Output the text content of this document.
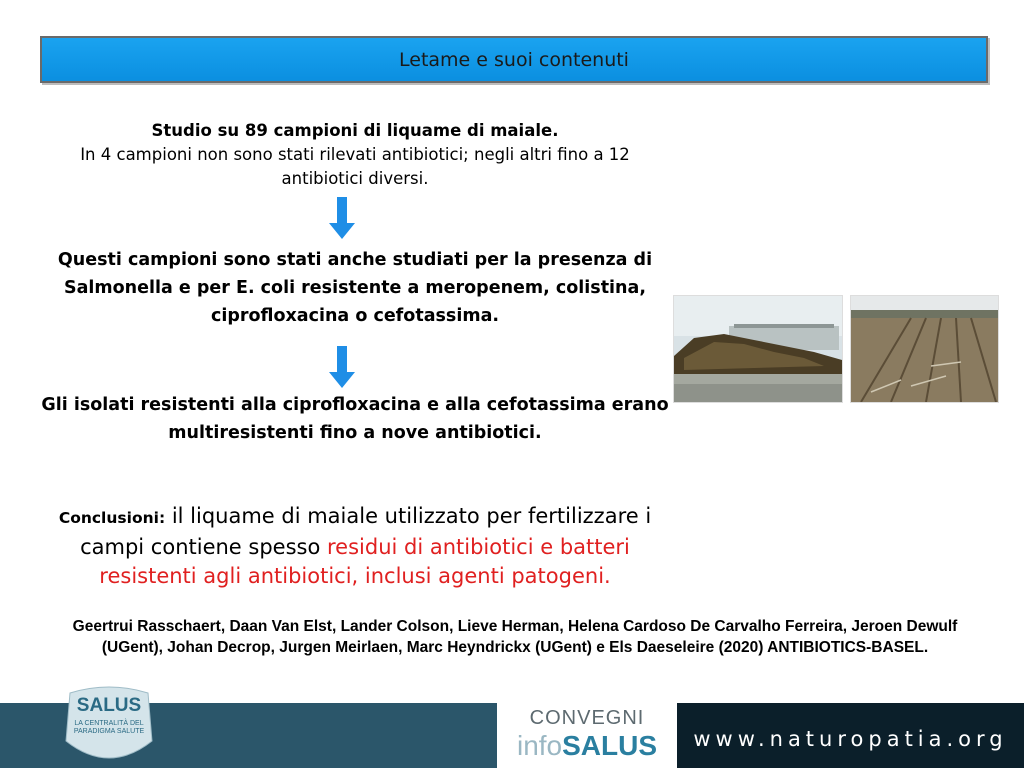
Letame e suoi contenuti
Studio su 89 campioni di liquame di maiale.
In 4 campioni non sono stati rilevati antibiotici; negli altri fino a 12 antibiotici diversi.
Questi campioni sono stati anche studiati per la presenza di Salmonella e per E. coli resistente a meropenem, colistina, ciprofloxacina o cefotassima.
Gli isolati resistenti alla ciprofloxacina e alla cefotassima erano multiresistenti fino a nove antibiotici.
Conclusioni: il liquame di maiale utilizzato per fertilizzare i campi contiene spesso residui di antibiotici e batteri resistenti agli antibiotici, inclusi agenti patogeni.
Geertrui Rasschaert, Daan Van Elst, Lander Colson, Lieve Herman, Helena Cardoso De Carvalho Ferreira, Jeroen Dewulf (UGent), Johan Decrop, Jurgen Meirlaen, Marc Heyndrickx (UGent) e Els Daeseleire (2020) ANTIBIOTICS-BASEL.
CONVEGNI
infoSALUS	www.naturopatia.org
SALUS
LA CENTRALITÀ DEL PARADIGMA SALUTE
